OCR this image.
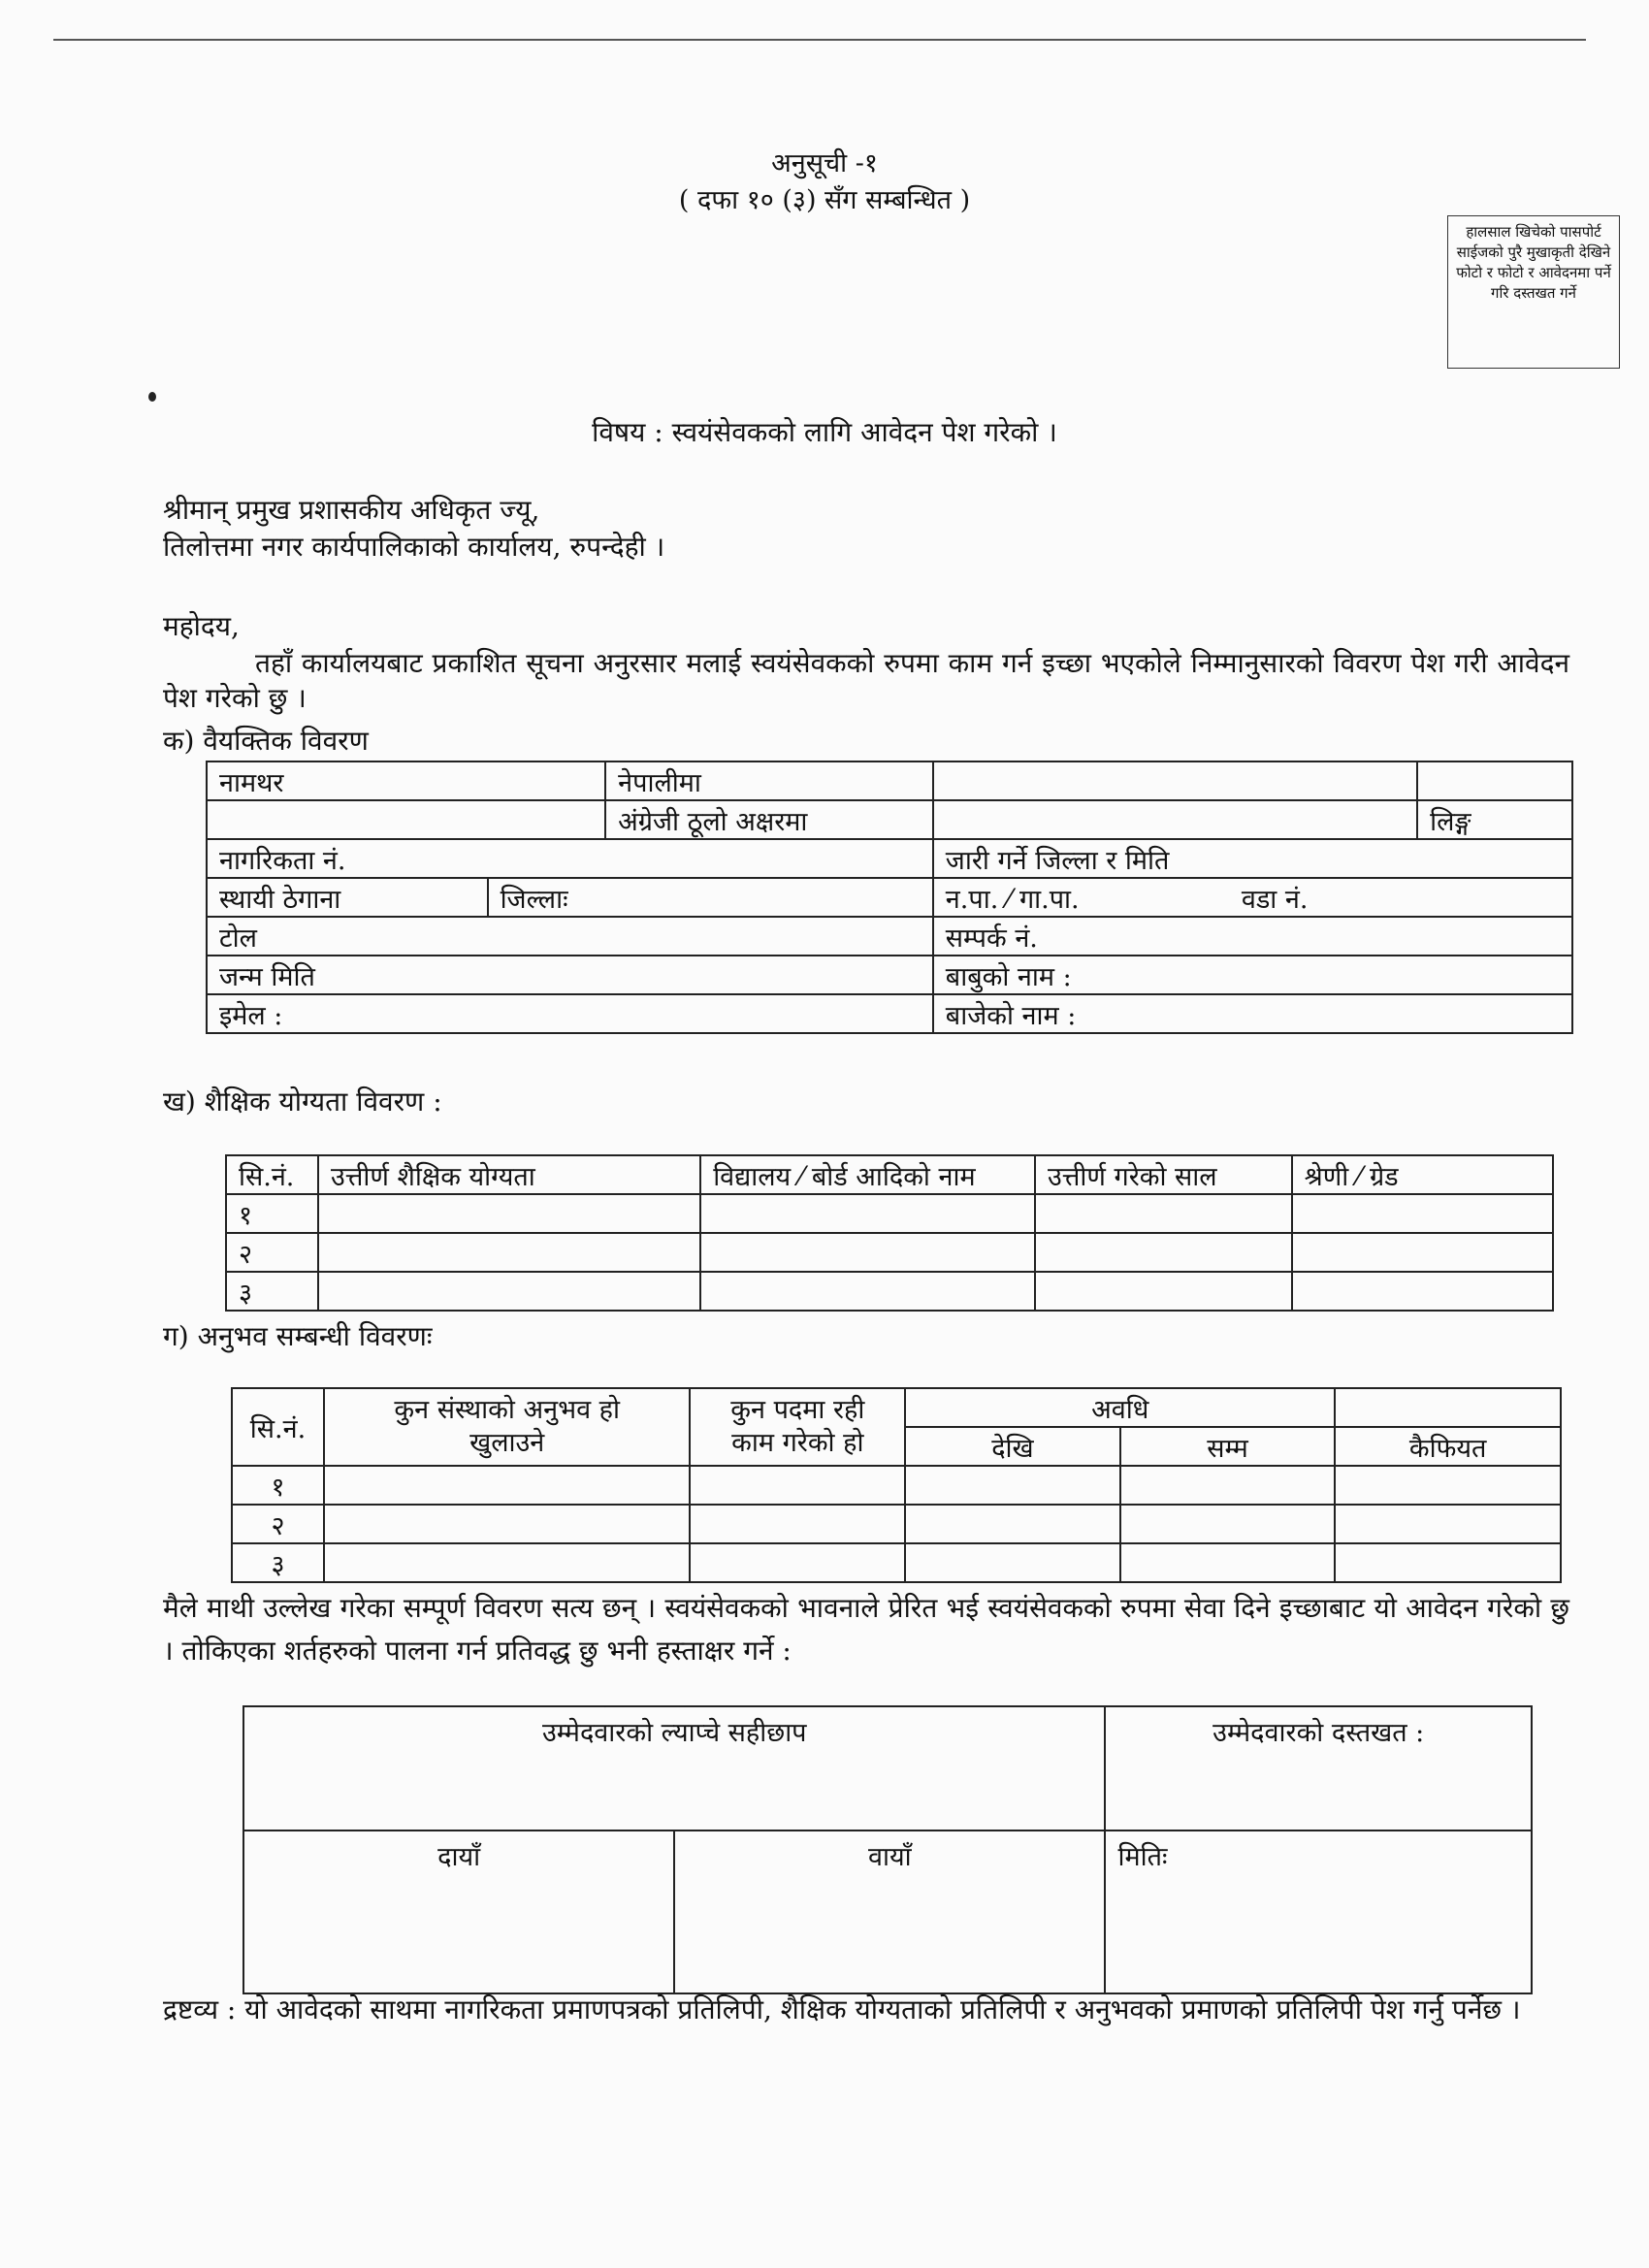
अनुसूची -१
( दफा १० (३) सँग सम्बन्धित )
हालसाल खिचेको पासपोर्ट साईजको पुरै मुखाकृती देखिने फोटो र फोटो र आवेदनमा पर्ने गरि दस्तखत गर्ने
विषय : स्वयंसेवकको लागि आवेदन पेश गरेको ।
श्रीमान् प्रमुख प्रशासकीय अधिकृत ज्यू,
तिलोत्तमा नगर कार्यपालिकाको कार्यालय, रुपन्देही ।
महोदय,
तहाँ कार्यालयबाट प्रकाशित सूचना अनुरसार मलाई स्वयंसेवकको रुपमा काम गर्न इच्छा भएकोले निम्मानुसारको विवरण पेश गरी आवेदन पेश गरेको छु ।
क) वैयक्तिक विवरण
नामथर		नेपालीमा		
		अंग्रेजी ठूलो अक्षरमा		लिङ्ग
नागरिकता नं.			जारी गर्ने जिल्ला र मिति	
स्थायी ठेगाना	जिल्लाः		न.पा. ⁄ गा.पा. वडा नं.	
टोल			सम्पर्क नं.	
जन्म मिति			बाबुको नाम :	
इमेल :			बाजेको नाम :	
ख) शैक्षिक योग्यता विवरण :
सि.नं.	उत्तीर्ण शैक्षिक योग्यता	विद्यालय ⁄ बोर्ड आदिको नाम	उत्तीर्ण गरेको साल	श्रेणी ⁄ ग्रेड
१				
२				
३				
ग) अनुभव सम्बन्धी विवरणः
सि.नं.	कुन संस्थाको अनुभव हो खुलाउने	कुन पदमा रही काम गरेको हो	अवधि		
			देखि	सम्म	कैफियत
१					
२					
३					
मैले माथी उल्लेख गरेका सम्पूर्ण विवरण सत्य छन् । स्वयंसेवकको भावनाले प्रेरित भई स्वयंसेवकको रुपमा सेवा दिने इच्छाबाट यो आवेदन गरेको छु । तोकिएका शर्तहरुको पालना गर्न प्रतिवद्ध छु भनी हस्ताक्षर गर्ने :
उम्मेदवारको ल्याप्चे सहीछाप		उम्मेदवारको दस्तखत :
दायाँ	वायाँ	मितिः
द्रष्टव्य : यो आवेदको साथमा नागरिकता प्रमाणपत्रको प्रतिलिपी, शैक्षिक योग्यताको प्रतिलिपी र अनुभवको प्रमाणको प्रतिलिपी पेश गर्नु पर्नेछ ।
